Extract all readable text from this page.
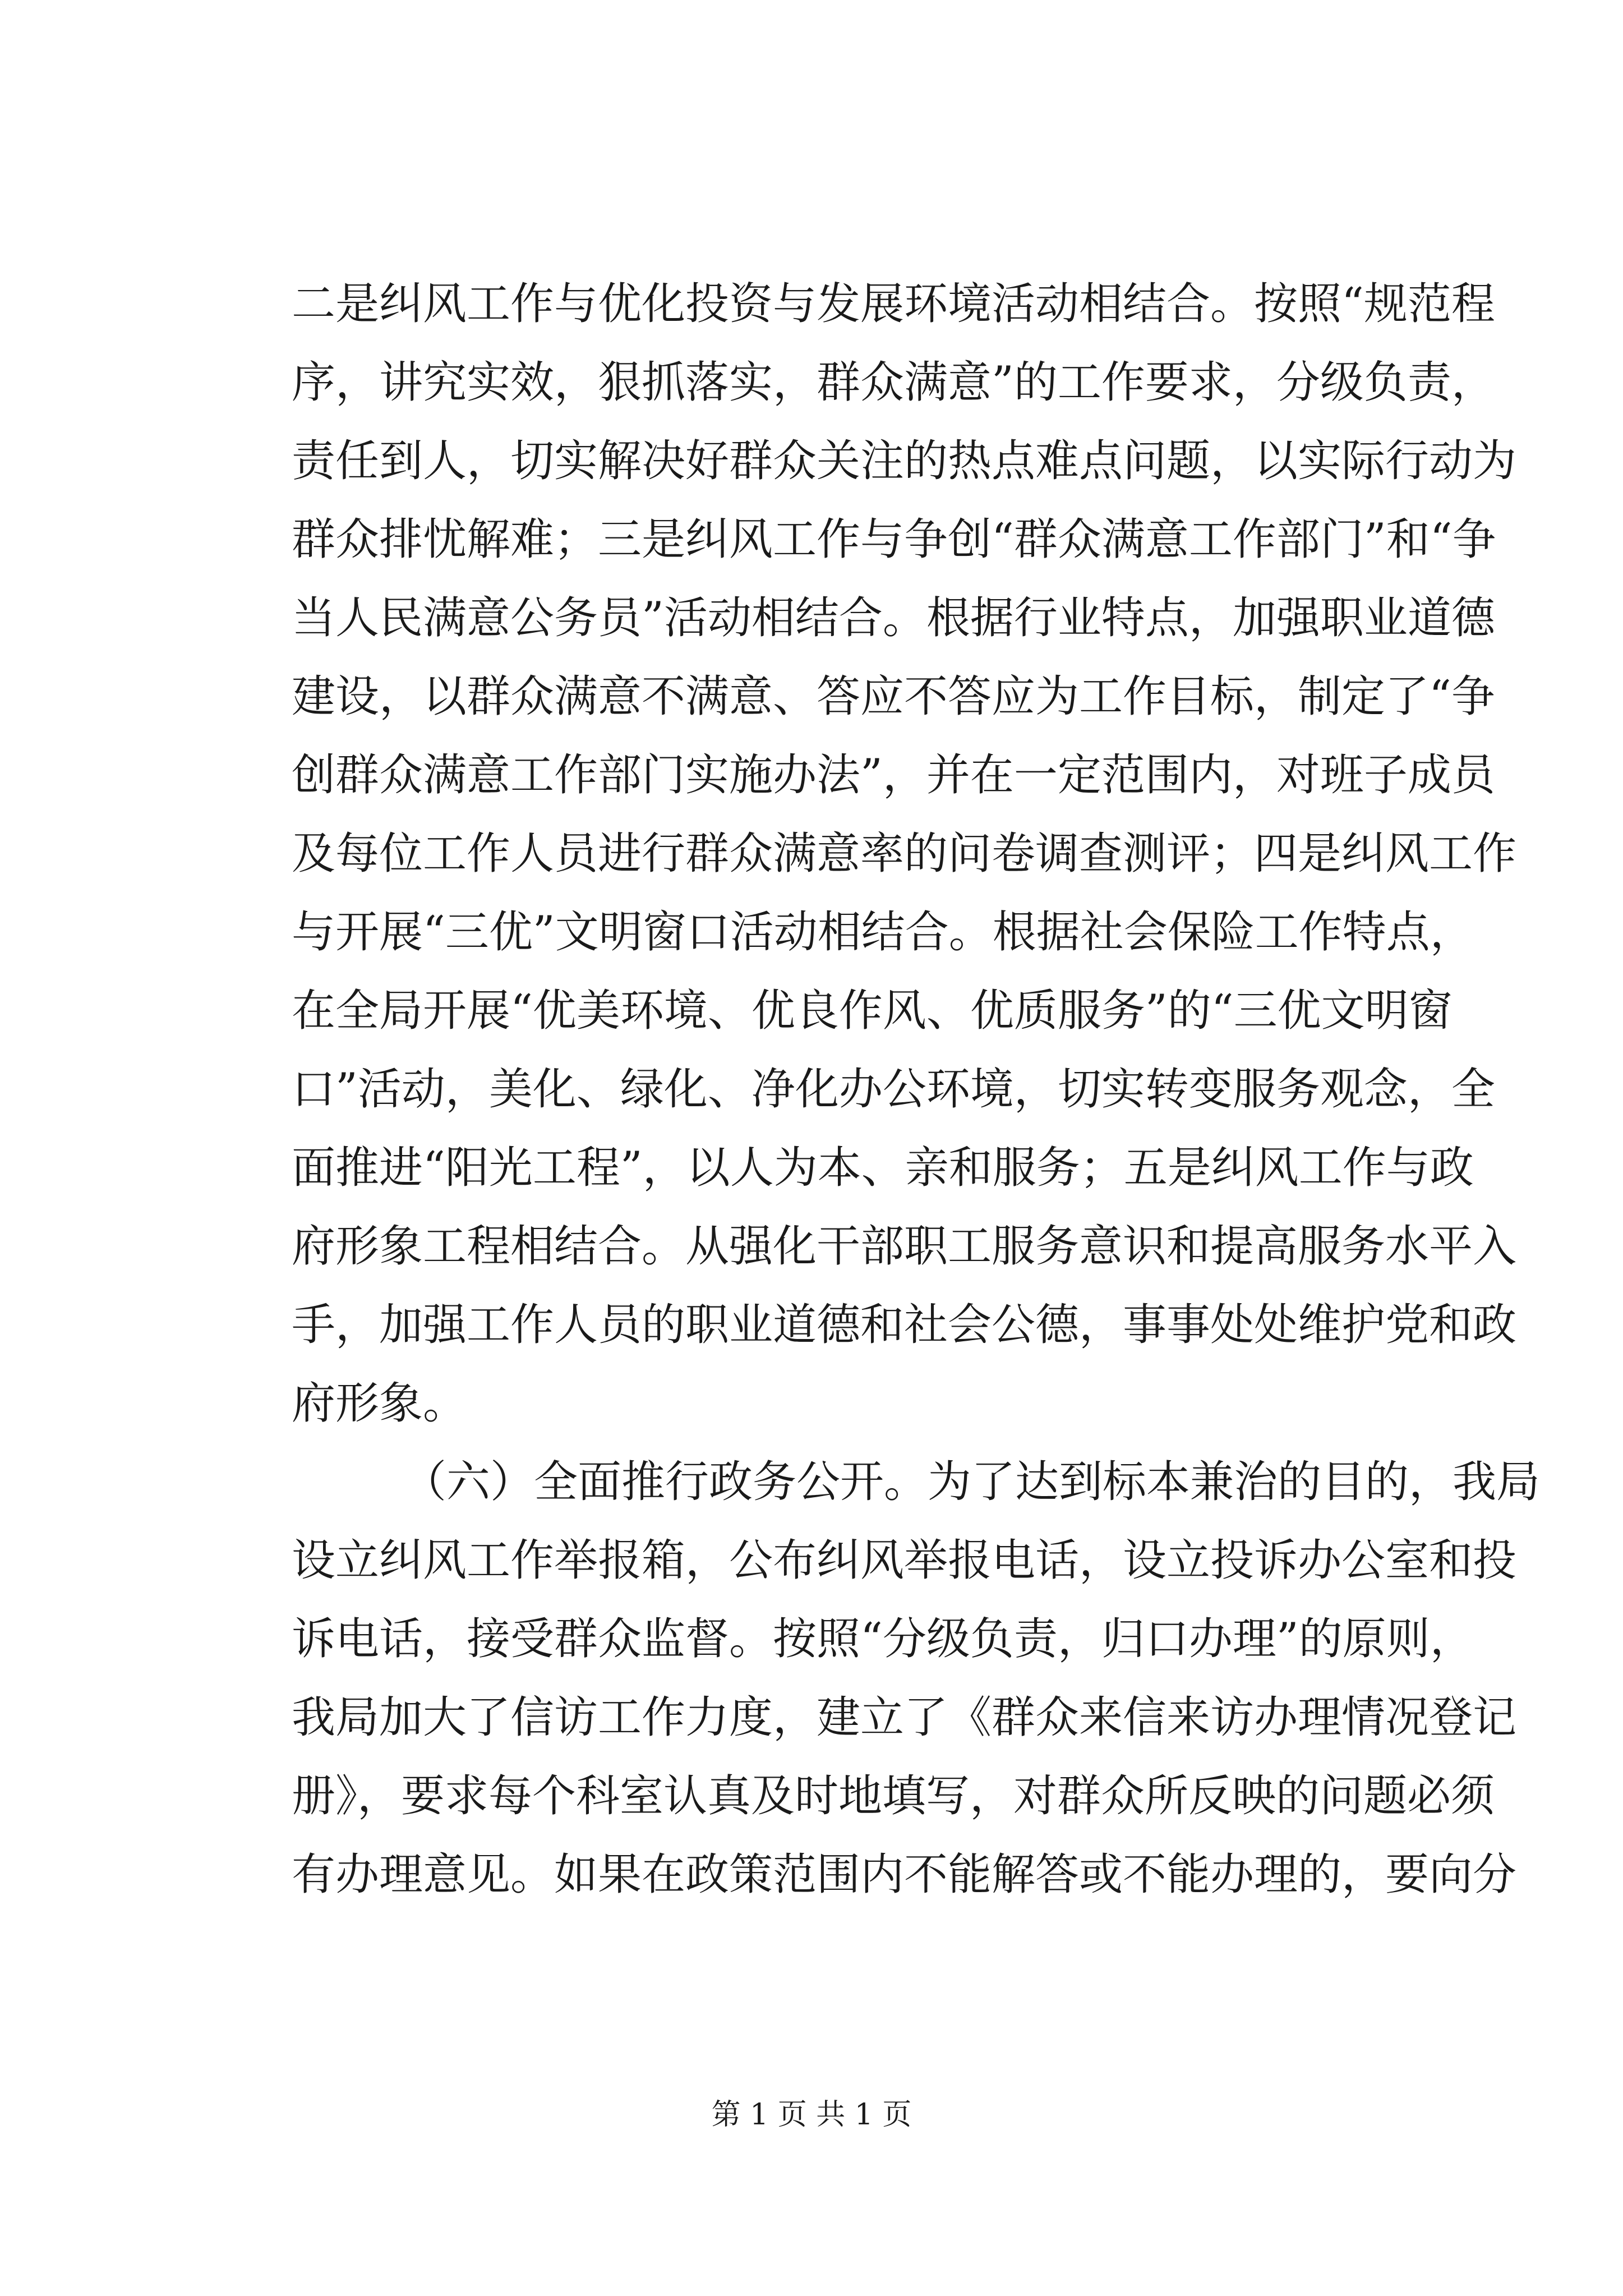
二是纠风工作与优化投资与发展环境活动相结合。按照“规范程
序，讲究实效，狠抓落实，群众满意”的工作要求，分级负责，
责任到人，切实解决好群众关注的热点难点问题，以实际行动为
群众排忧解难；三是纠风工作与争创“群众满意工作部门”和“争
当人民满意公务员”活动相结合。根据行业特点，加强职业道德
建设，以群众满意不满意、答应不答应为工作目标，制定了“争
创群众满意工作部门实施办法”，并在一定范围内，对班子成员
及每位工作人员进行群众满意率的问卷调查测评；四是纠风工作
与开展“三优”文明窗口活动相结合。根据社会保险工作特点，
在全局开展“优美环境、优良作风、优质服务”的“三优文明窗
口”活动，美化、绿化、净化办公环境，切实转变服务观念，全
面推进“阳光工程”，以人为本、亲和服务；五是纠风工作与政
府形象工程相结合。从强化干部职工服务意识和提高服务水平入
手，加强工作人员的职业道德和社会公德，事事处处维护党和政
府形象。
（六）全面推行政务公开。为了达到标本兼治的目的，我局
设立纠风工作举报箱，公布纠风举报电话，设立投诉办公室和投
诉电话，接受群众监督。按照“分级负责，归口办理”的原则，
我局加大了信访工作力度，建立了《群众来信来访办理情况登记
册》，要求每个科室认真及时地填写，对群众所反映的问题必须
有办理意见。如果在政策范围内不能解答或不能办理的，要向分
第 1 页 共 1 页
